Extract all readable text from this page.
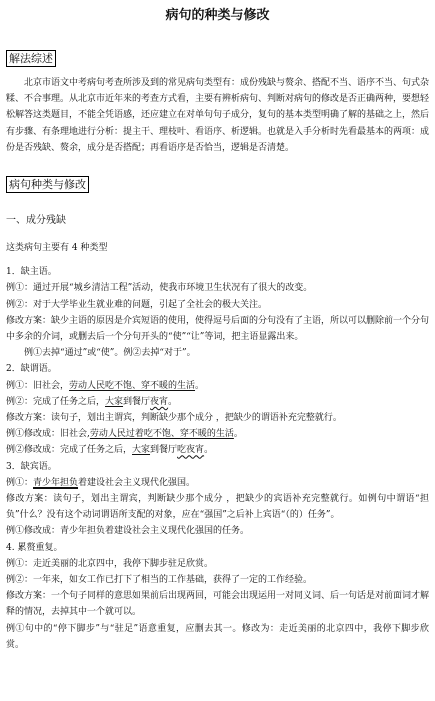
病句的种类与修改
解法综述

北京市语文中考病句考查所涉及到的常见病句类型有：成份残缺与赘余、搭配不当、语序不当、句式杂糅、不合事理。从北京市近年来的考查方式看，主要有辨析病句、判断对病句的修改是否正确两种，要想轻松解答这类题目，不能全凭语感，还应建立在对单句句子成分，复句的基本类型明确了解的基础之上，然后有步骤、有条理地进行分析：提主干、理枝叶、看语序、析逻辑。也就是入手分析时先看最基本的两项：成份是否残缺、赘余，成分是否搭配；再看语序是否恰当，逻辑是否清楚。

病句种类与修改
一、成分残缺

这类病句主要有 4 种类型

1．缺主语。

例①：通过开展“城乡清洁工程”活动，使我市环境卫生状况有了很大的改变。

例②：对于大学毕业生就业难的问题，引起了全社会的极大关注。

修改方案：缺少主语的原因是介宾短语的使用，使得逗号后面的分句没有了主语，所以可以删除前一个分句中多余的介词，或删去后一个分句开头的“使”“让”等词，把主语显露出来。

例①去掉“通过”或“使”。例②去掉“对于”。

2．缺谓语。

例①：旧社会，劳动人民吃不饱、穿不暖的生活。

例②：完成了任务之后，大家到餐厅夜宵。

修改方案：读句子，划出主谓宾，判断缺少那个成分 ，把缺少的谓语补充完整就行。

例①修改成：旧社会,劳动人民过着吃不饱、穿不暖的生活。

例②修改成：完成了任务之后，大家到餐厅吃夜宵。

3．缺宾语。

例①：青少年担负着建设社会主义现代化强国。

修改方案：读句子，划出主谓宾，判断缺少那个成分 ，把缺少的宾语补充完整就行。如例句中谓语“担负”什么？没有这个动词谓语所支配的对象，应在“强国”之后补上宾语“（的）任务”。

例①修改成：青少年担负着建设社会主义现代化强国的任务。

4. 累赘重复。

例①：走近美丽的北京四中，我停下脚步驻足欣赏。

例②：一年来，如女工作已打下了相当的工作基础，获得了一定的工作经验。

修改方案：一个句子同样的意思如果前后出现两回，可能会出现运用一对同义词、后一句话是对前面词才解释的情况，去掉其中一个就可以。

例①句中的“停下脚步”与“驻足”语意重复，应删去其一。修改为：走近美丽的北京四中，我停下脚步欣赏。
